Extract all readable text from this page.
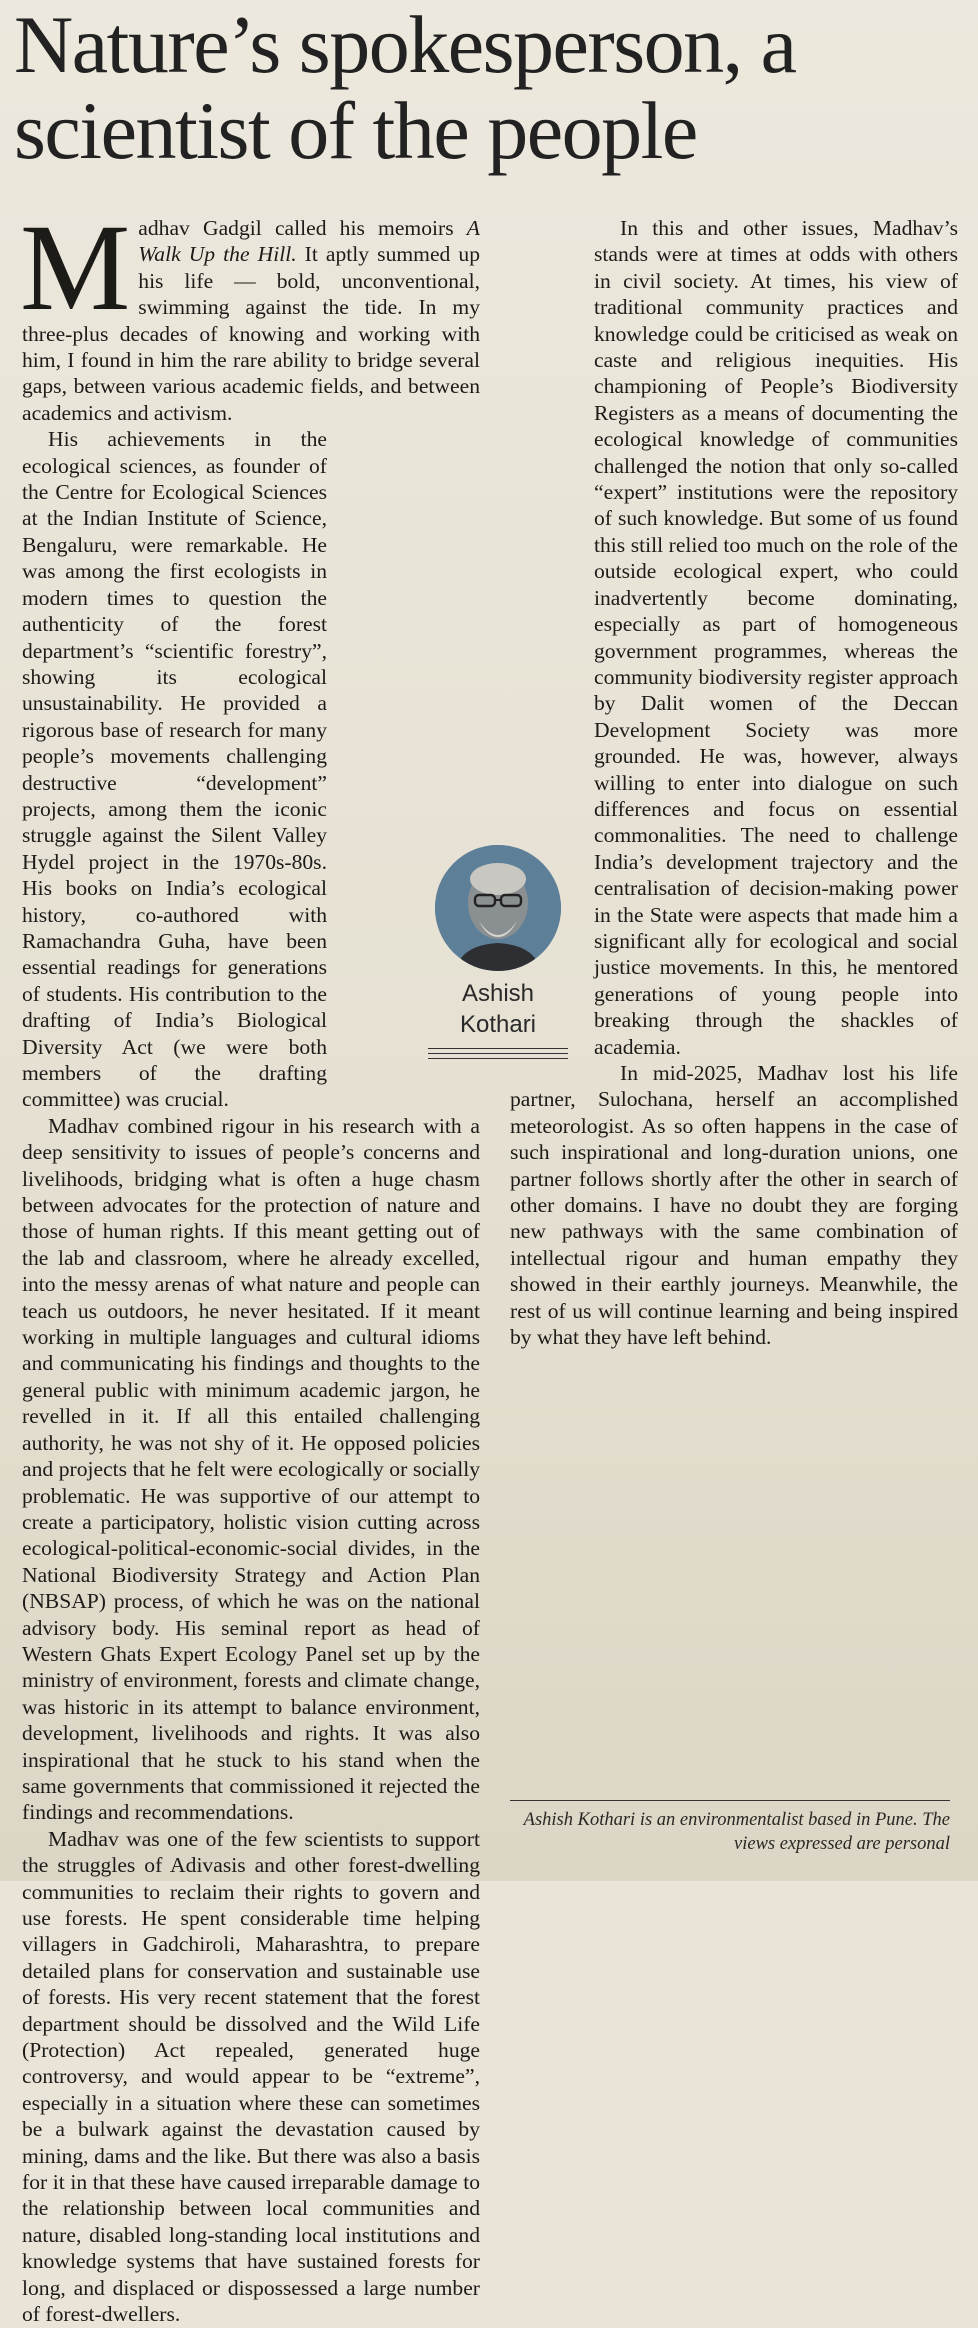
Nature’s spokesperson, a scientist of the people

Madhav Gadgil called his memoirs A Walk Up the Hill. It aptly summed up his life — bold, unconventional, swimming against the tide. In my three-plus decades of knowing and working with him, I found in him the rare ability to bridge several gaps, between various academic fields, and between academics and activism.

His achievements in the ecological sciences, as founder of the Centre for Ecological Sciences at the Indian Institute of Science, Bengaluru, were remarkable. He was among the first ecologists in modern times to question the authenticity of the forest department’s “scientific forestry”, showing its ecological unsustainability. He provided a rigorous base of research for many people’s movements challenging destructive “development” projects, among them the iconic struggle against the Silent Valley Hydel project in the 1970s-80s. His books on India’s ecological history, co-authored with Ramachandra Guha, have been essential readings for generations of students. His contribution to the drafting of India’s Biological Diversity Act (we were both members of the drafting committee) was crucial.

Madhav combined rigour in his research with a deep sensitivity to issues of people’s concerns and livelihoods, bridging what is often a huge chasm between advocates for the protection of nature and those of human rights. If this meant getting out of the lab and classroom, where he already excelled, into the messy arenas of what nature and people can teach us outdoors, he never hesitated. If it meant working in multiple languages and cultural idioms and communicating his findings and thoughts to the general public with minimum academic jargon, he revelled in it. If all this entailed challenging authority, he was not shy of it. He opposed policies and projects that he felt were ecologically or socially problematic. He was supportive of our attempt to create a participatory, holistic vision cutting across ecological-political-economic-social divides, in the National Biodiversity Strategy and Action Plan (NBSAP) process, of which he was on the national advisory body. His seminal report as head of Western Ghats Expert Ecology Panel set up by the ministry of environment, forests and climate change, was historic in its attempt to balance environment, development, livelihoods and rights. It was also inspirational that he stuck to his stand when the same governments that commissioned it rejected the findings and recommendations.

Madhav was one of the few scientists to support the struggles of Adivasis and other forest-dwelling communities to reclaim their rights to govern and use forests. He spent considerable time helping villagers in Gadchiroli, Maharashtra, to prepare detailed plans for conservation and sustainable use of forests. His very recent statement that the forest department should be dissolved and the Wild Life (Protection) Act repealed, generated huge controversy, and would appear to be “extreme”, especially in a situation where these can sometimes be a bulwark against the devastation caused by mining, dams and the like. But there was also a basis for it in that these have caused irreparable damage to the relationship between local communities and nature, disabled long-standing local institutions and knowledge systems that have sustained forests for long, and displaced or dispossessed a large number of forest-dwellers.

In this and other issues, Madhav’s stands were at times at odds with others in civil society. At times, his view of traditional community practices and knowledge could be criticised as weak on caste and religious inequities. His championing of People’s Biodiversity Registers as a means of documenting the ecological knowledge of communities challenged the notion that only so-called “expert” institutions were the repository of such knowledge. But some of us found this still relied too much on the role of the outside ecological expert, who could inadvertently become dominating, especially as part of homogeneous government programmes, whereas the community biodiversity register approach by Dalit women of the Deccan Development Society was more grounded. He was, however, always willing to enter into dialogue on such differences and focus on essential commonalities. The need to challenge India’s development trajectory and the centralisation of decision-making power in the State were aspects that made him a significant ally for ecological and social justice movements. In this, he mentored generations of young people into breaking through the shackles of academia.

In mid-2025, Madhav lost his life partner, Sulochana, herself an accomplished meteorologist. As so often happens in the case of such inspirational and long-duration unions, one partner follows shortly after the other in search of other domains. I have no doubt they are forging new pathways with the same combination of intellectual rigour and human empathy they showed in their earthly journeys. Meanwhile, the rest of us will continue learning and being inspired by what they have left behind.

Ashish
Kothari
Ashish Kothari is an environmentalist based in Pune. The views expressed are personal
